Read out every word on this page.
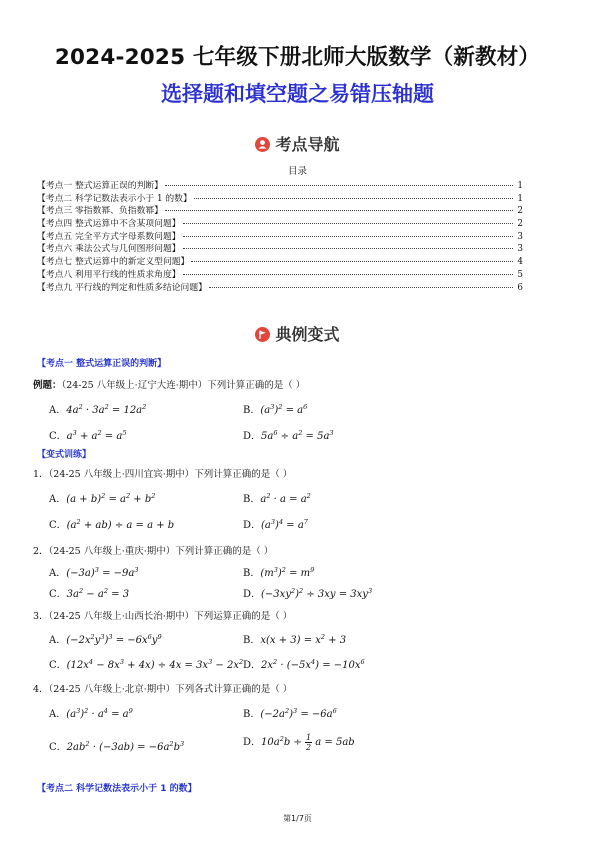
2024-2025 七年级下册北师大版数学（新教材）
选择题和填空题之易错压轴题
考点导航
目录
【考点一 整式运算正误的判断】	1
【考点二 科学记数法表示小于 1 的数】	1
【考点三 零指数幂、负指数幂】	2
【考点四 整式运算中不含某项问题】	2
【考点五 完全平方式字母系数问题】	3
【考点六 乘法公式与几何图形问题】	3
【考点七 整式运算中的新定义型问题】	4
【考点八 利用平行线的性质求角度】	5
【考点九 平行线的判定和性质多结论问题】	6
典例变式
【考点一 整式运算正误的判断】
例题：（24-25 八年级上·辽宁大连·期中）下列计算正确的是（ ）
A．$4a^2 \cdot 3a^2 = 12a^2$	B．$(a^3)^2 = a^6$
C．$a^3 + a^2 = a^5$	D．$5a^6 \div a^2 = 5a^3$
【变式训练】
1．（24-25 八年级上·四川宜宾·期中）下列计算正确的是（ ）
A．$(a + b)^2 = a^2 + b^2$	B．$a^2 \cdot a = a^2$
C．$(a^2 + ab) \div a = a + b$	D．$(a^3)^4 = a^7$
2．（24-25 八年级上·重庆·期中）下列计算正确的是（ ）
A．$(-3a)^3 = -9a^3$	B．$(m^3)^2 = m^9$
C．$3a^2 - a^2 = 3$	D．$(-3xy^2)^2 \div 3xy = 3xy^3$
3．（24-25 八年级上·山西长治·期中）下列运算正确的是（ ）
A．$(-2x^2y^3)^3 = -6x^6y^9$	B．$x(x + 3) = x^2 + 3$
C．$(12x^4 - 8x^3 + 4x) \div 4x = 3x^3 - 2x^2$ D．$2x^2 \cdot (-5x^4) = -10x^6$
4．（24-25 八年级上·北京·期中）下列各式计算正确的是（ ）
A．$(a^3)^2 \cdot a^4 = a^9$	B．$(-2a^2)^3 = -6a^6$
C．$2ab^2 \cdot (-3ab) = -6a^2b^3$	D．$10a^2b \div \frac{1}{2}$ a = 5ab
【考点二 科学记数法表示小于 1 的数】
第1/7页
